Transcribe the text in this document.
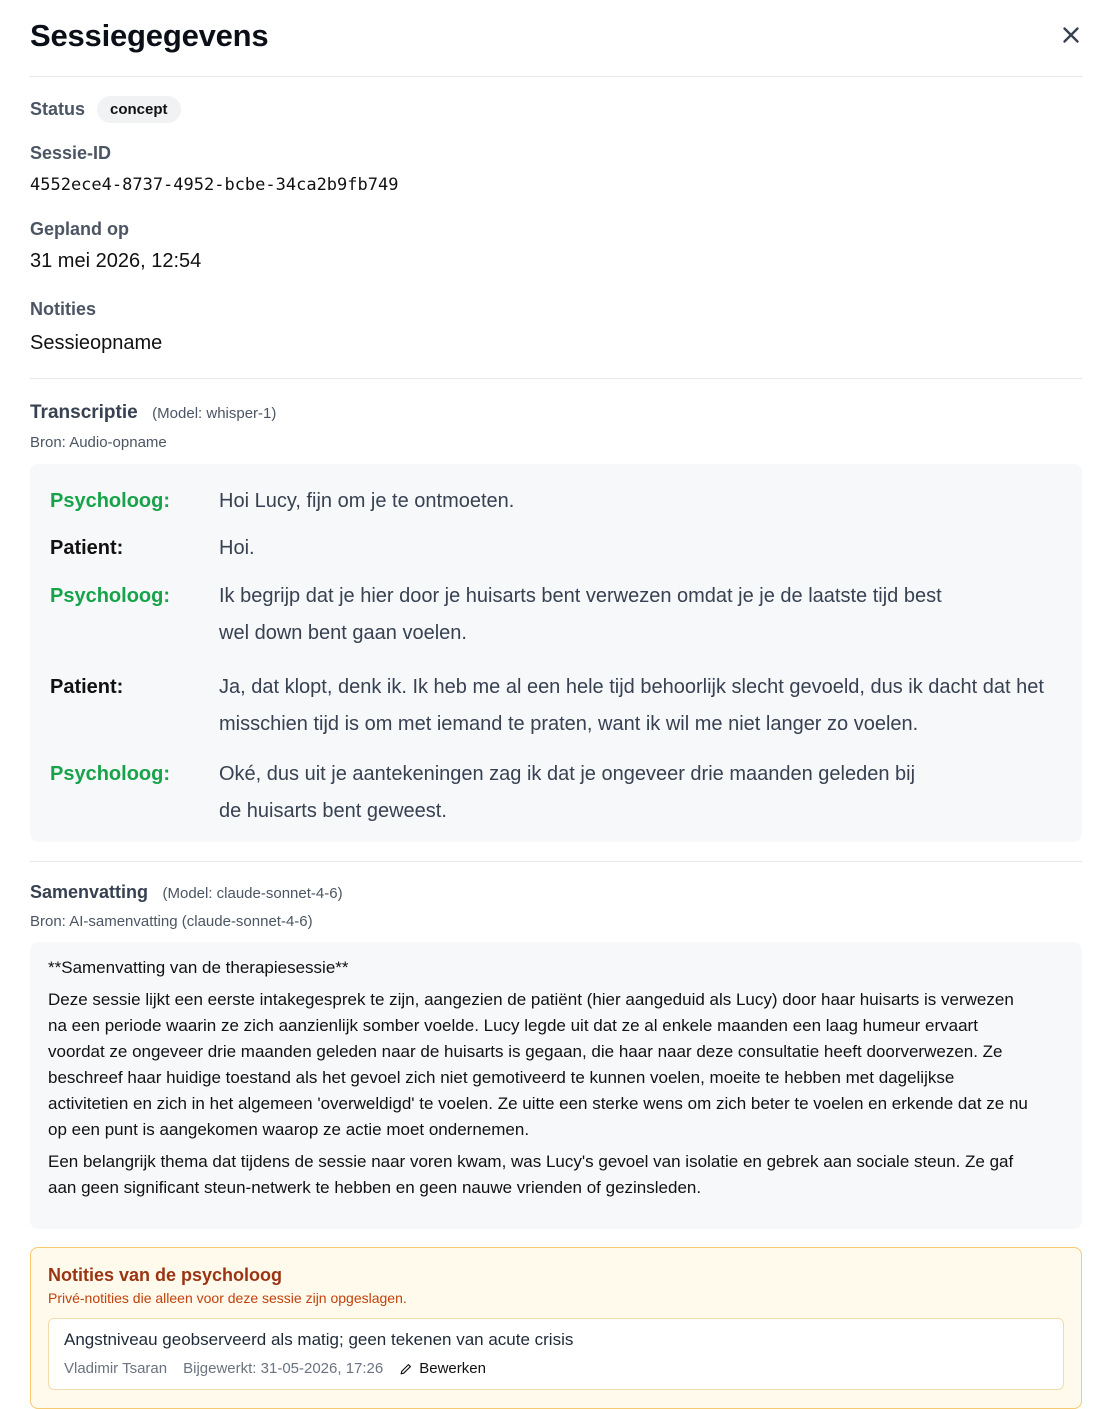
Sessiegegevens
Status	concept
Sessie-ID
4552ece4-8737-4952-bcbe-34ca2b9fb749
Gepland op
31 mei 2026, 12:54
Notities
Sessieopname
Transcriptie (Model: whisper-1)
Bron: Audio-opname
Psycholoog: Hoi Lucy, fijn om je te ontmoeten.
Patient:	Hoi.
Psycholoog: Ik begrijp dat je hier door je huisarts bent verwezen omdat je je de laatste tijd best wel down bent gaan voelen.
Patient:	Ja, dat klopt, denk ik. Ik heb me al een hele tijd behoorlijk slecht gevoeld, dus ik dacht dat het misschien tijd is om met iemand te praten, want ik wil me niet langer zo voelen.
Psycholoog: Oké, dus uit je aantekeningen zag ik dat je ongeveer drie maanden geleden bij de huisarts bent geweest.
Samenvatting (Model: claude-sonnet-4-6)
Bron: AI-samenvatting (claude-sonnet-4-6)

**Samenvatting van de therapiesessie**

Deze sessie lijkt een eerste intakegesprek te zijn, aangezien de patiënt (hier aangeduid als Lucy) door haar huisarts is verwezen na een periode waarin ze zich aanzienlijk somber voelde. Lucy legde uit dat ze al enkele maanden een laag humeur ervaart voordat ze ongeveer drie maanden geleden naar de huisarts is gegaan, die haar naar deze consultatie heeft doorverwezen. Ze beschreef haar huidige toestand als het gevoel zich niet gemotiveerd te kunnen voelen, moeite te hebben met dagelijkse activitetien en zich in het algemeen 'overweldigd' te voelen. Ze uitte een sterke wens om zich beter te voelen en erkende dat ze nu op een punt is aangekomen waarop ze actie moet ondernemen.

Een belangrijk thema dat tijdens de sessie naar voren kwam, was Lucy's gevoel van isolatie en gebrek aan sociale steun. Ze gaf aan geen significant steun-netwerk te hebben en geen nauwe vrienden of gezinsleden.

Notities van de psycholoog
Privé-notities die alleen voor deze sessie zijn opgeslagen.
Angstniveau geobserveerd als matig; geen tekenen van acute crisis
Vladimir Tsaran Bijgewerkt: 31-05-2026, 17:26 Bewerken
